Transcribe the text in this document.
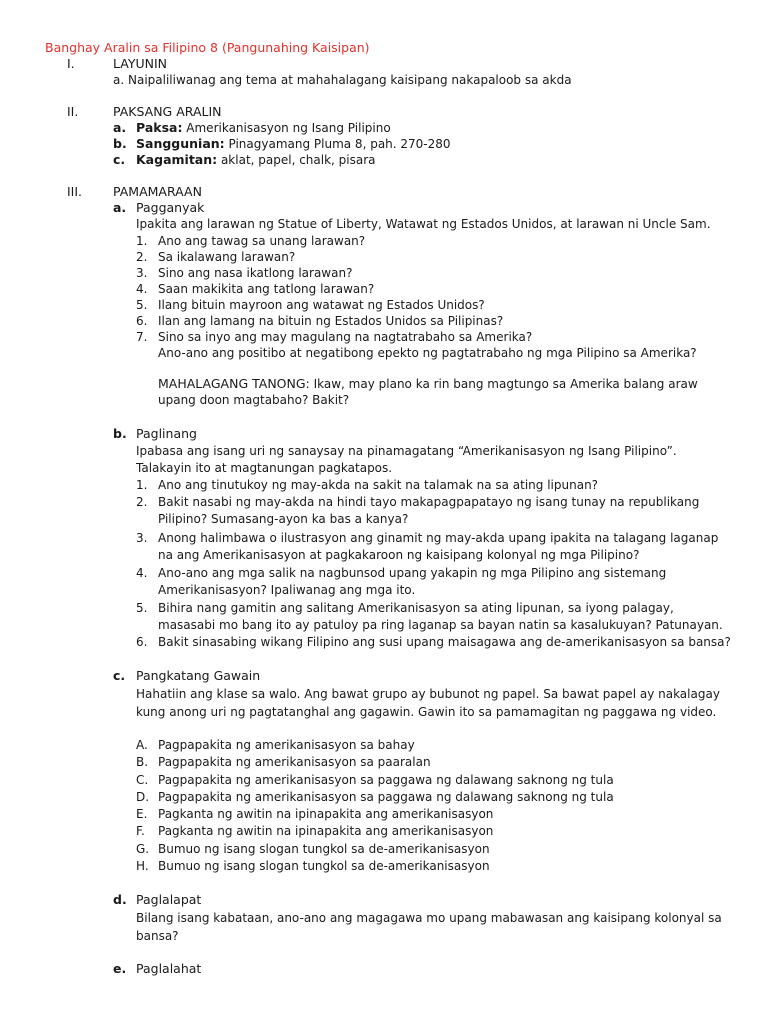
Banghay Aralin sa Filipino 8 (Pangunahing Kaisipan)
I.	LAYUNIN
a. Naipaliliwanag ang tema at mahahalagang kaisipang nakapaloob sa akda
II.	PAKSANG ARALIN
a. Paksa: Amerikanisasyon ng Isang Pilipino
b. Sanggunian: Pinagyamang Pluma 8, pah. 270-280
c. Kagamitan: aklat, papel, chalk, pisara
III. PAMAMARAAN
a. Pagganyak
Ipakita ang larawan ng Statue of Liberty, Watawat ng Estados Unidos, at larawan ni Uncle Sam.
1. Ano ang tawag sa unang larawan?
2. Sa ikalawang larawan?
3. Sino ang nasa ikatlong larawan?
4. Saan makikita ang tatlong larawan?
5. Ilang bituin mayroon ang watawat ng Estados Unidos?
6. Ilan ang lamang na bituin ng Estados Unidos sa Pilipinas?
7. Sino sa inyo ang may magulang na nagtatrabaho sa Amerika?
Ano-ano ang positibo at negatibong epekto ng pagtatrabaho ng mga Pilipino sa Amerika?
MAHALAGANG TANONG: Ikaw, may plano ka rin bang magtungo sa Amerika balang araw
upang doon magtabaho? Bakit?
b. Paglinang
Ipabasa ang isang uri ng sanaysay na pinamagatang “Amerikanisasyon ng Isang Pilipino”.
Talakayin ito at magtanungan pagkatapos.
1. Ano ang tinutukoy ng may-akda na sakit na talamak na sa ating lipunan?
2. Bakit nasabi ng may-akda na hindi tayo makapagpapatayo ng isang tunay na republikang
Pilipino? Sumasang-ayon ka bas a kanya?
3. Anong halimbawa o ilustrasyon ang ginamit ng may-akda upang ipakita na talagang laganap
na ang Amerikanisasyon at pagkakaroon ng kaisipang kolonyal ng mga Pilipino?
4. Ano-ano ang mga salik na nagbunsod upang yakapin ng mga Pilipino ang sistemang
Amerikanisasyon? Ipaliwanag ang mga ito.
5. Bihira nang gamitin ang salitang Amerikanisasyon sa ating lipunan, sa iyong palagay,
masasabi mo bang ito ay patuloy pa ring laganap sa bayan natin sa kasalukuyan? Patunayan.
6. Bakit sinasabing wikang Filipino ang susi upang maisagawa ang de-amerikanisasyon sa bansa?
c. Pangkatang Gawain
Hahatiin ang klase sa walo. Ang bawat grupo ay bubunot ng papel. Sa bawat papel ay nakalagay
kung anong uri ng pagtatanghal ang gagawin. Gawin ito sa pamamagitan ng paggawa ng video.
A. Pagpapakita ng amerikanisasyon sa bahay
B. Pagpapakita ng amerikanisasyon sa paaralan
C. Pagpapakita ng amerikanisasyon sa paggawa ng dalawang saknong ng tula
D. Pagpapakita ng amerikanisasyon sa paggawa ng dalawang saknong ng tula
E. Pagkanta ng awitin na ipinapakita ang amerikanisasyon
F. Pagkanta ng awitin na ipinapakita ang amerikanisasyon
G. Bumuo ng isang slogan tungkol sa de-amerikanisasyon
H. Bumuo ng isang slogan tungkol sa de-amerikanisasyon
d. Paglalapat
Bilang isang kabataan, ano-ano ang magagawa mo upang mabawasan ang kaisipang kolonyal sa
bansa?
e. Paglalahat
